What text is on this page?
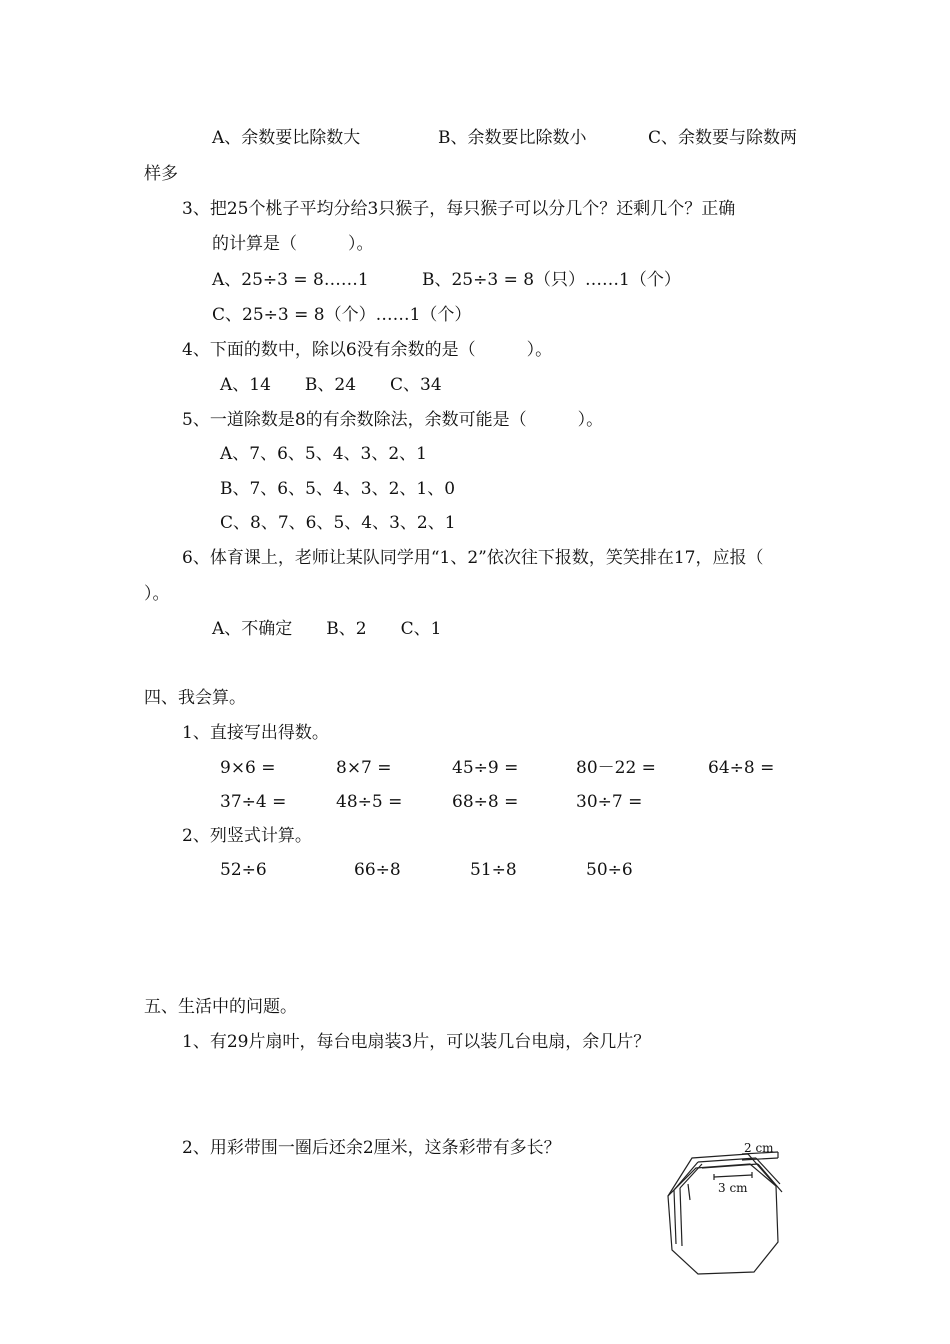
A、余数要比除数大	B、余数要比除数小	C、余数要与除数两
样多
3、把25个桃子平均分给3只猴子，每只猴子可以分几个？还剩几个？正确
的计算是（　　　）。
A、25÷3 = 8……1	B、25÷3 = 8（只）……1（个）
C、25÷3 = 8（个）……1（个）
4、下面的数中，除以6没有余数的是（　　　）。
A、14　　B、24　　C、34
5、一道除数是8的有余数除法，余数可能是（　　　）。
A、7、6、5、4、3、2、1
B、7、6、5、4、3、2、1、0
C、8、7、6、5、4、3、2、1
6、体育课上，老师让某队同学用“1、2”依次往下报数，笑笑排在17，应报（
）。
A、不确定　　B、2　　C、1
四、我会算。
1、直接写出得数。
9×6 =	8×7 =	45÷9 =	80－22 =	64÷8 =
37÷4 =	48÷5 =	68÷8 =	30÷7 =
2、列竖式计算。
52÷6	66÷8	51÷8	50÷6
五、生活中的问题。
1、有29片扇叶，每台电扇装3片，可以装几台电扇，余几片？
2、用彩带围一圈后还余2厘米，这条彩带有多长？	2 cm
3 cm
